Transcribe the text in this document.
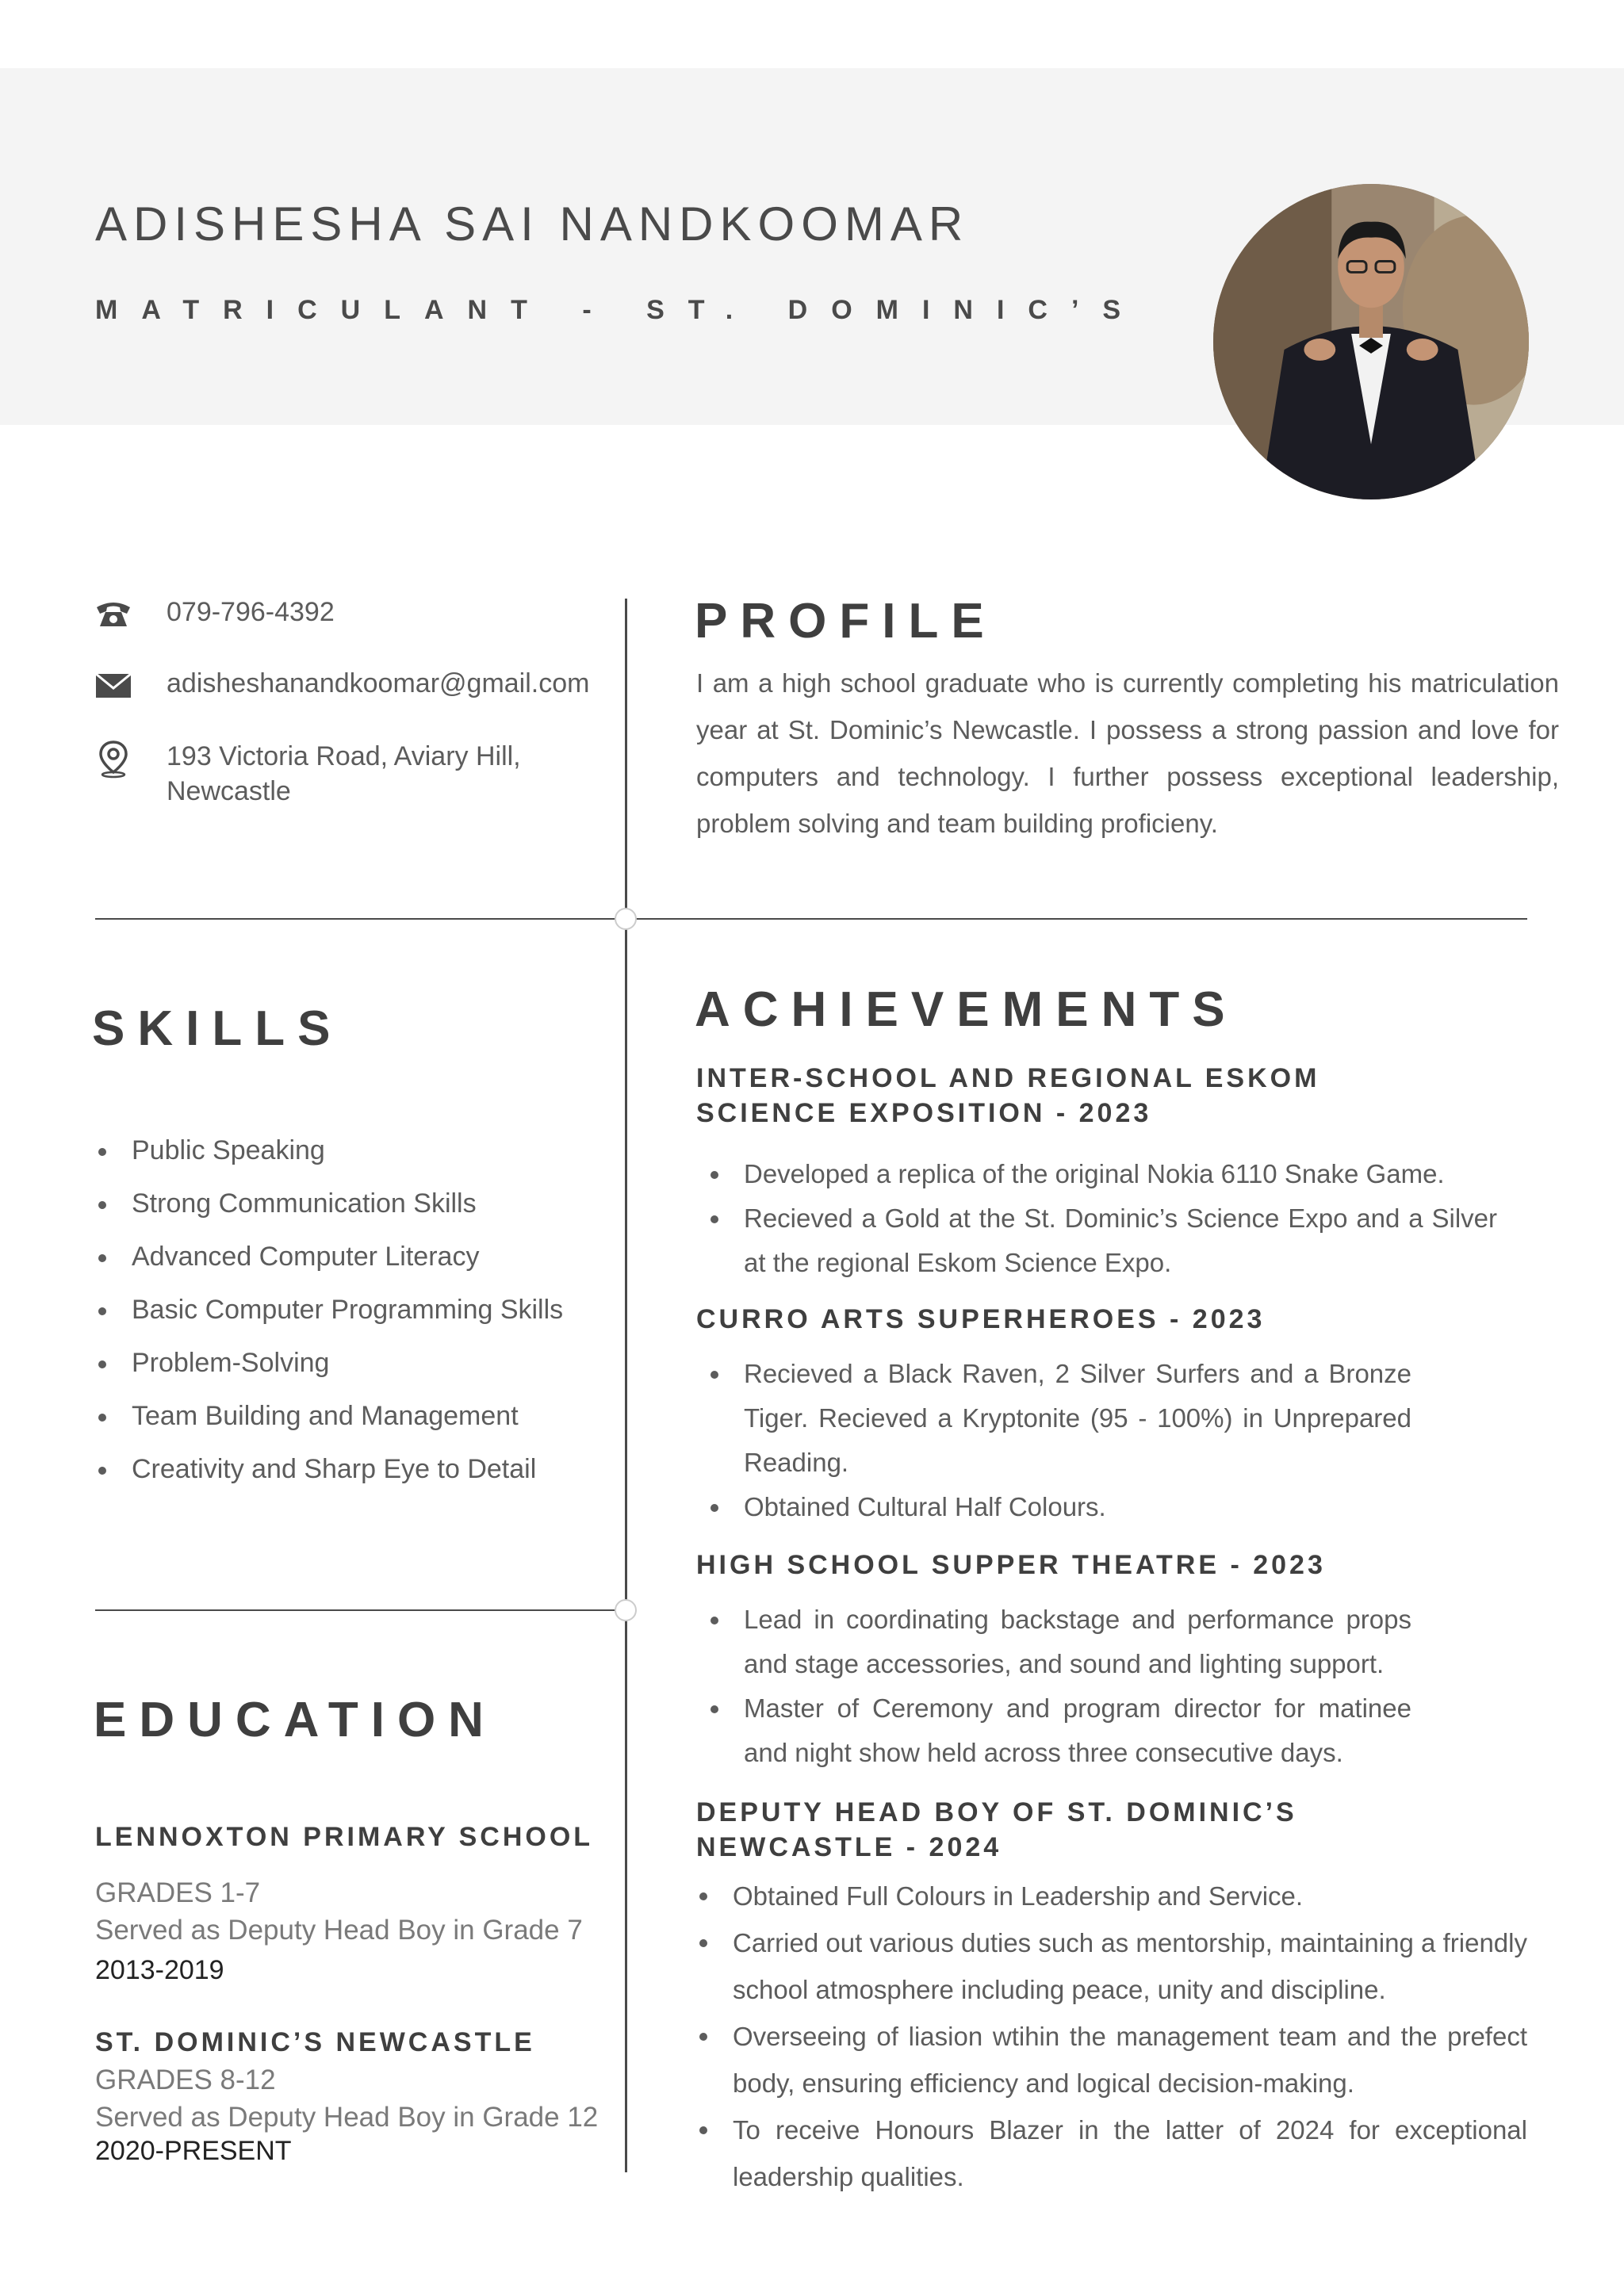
ADISHESHA SAI NANDKOOMAR
MATRICULANT - ST. DOMINIC’S
079-796-4392
adisheshanandkoomar@gmail.com
193 Victoria Road, Aviary Hill, Newcastle
PROFILE
I am a high school graduate who is currently completing his matriculation year at St. Dominic’s Newcastle. I possess a strong passion and love for computers and technology. I further possess exceptional leadership, problem solving and team building proficieny.
SKILLS
Public Speaking
Strong Communication Skills
Advanced Computer Literacy
Basic Computer Programming Skills
Problem-Solving
Team Building and Management
Creativity and Sharp Eye to Detail
EDUCATION
LENNOXTON PRIMARY SCHOOL
GRADES 1-7
Served as Deputy Head Boy in Grade 7
2013-2019
ST. DOMINIC’S NEWCASTLE
GRADES 8-12
Served as Deputy Head Boy in Grade 12
2020-PRESENT
ACHIEVEMENTS
INTER-SCHOOL AND REGIONAL ESKOM
SCIENCE EXPOSITION - 2023
Developed a replica of the original Nokia 6110 Snake Game.
Recieved a Gold at the St. Dominic’s Science Expo and a Silver at the regional Eskom Science Expo.
CURRO ARTS SUPERHEROES - 2023
Recieved a Black Raven, 2 Silver Surfers and a Bronze Tiger. Recieved a Kryptonite (95 - 100%) in Unprepared Reading.
Obtained Cultural Half Colours.
HIGH SCHOOL SUPPER THEATRE - 2023
Lead in coordinating backstage and performance props and stage accessories, and sound and lighting support.
Master of Ceremony and program director for matinee and night show held across three consecutive days.
DEPUTY HEAD BOY OF ST. DOMINIC’S
NEWCASTLE - 2024
Obtained Full Colours in Leadership and Service.
Carried out various duties such as mentorship, maintaining a friendly school atmosphere including peace, unity and discipline.
Overseeing of liasion wtihin the management team and the prefect body, ensuring efficiency and logical decision-making.
To receive Honours Blazer in the latter of 2024 for exceptional leadership qualities.
